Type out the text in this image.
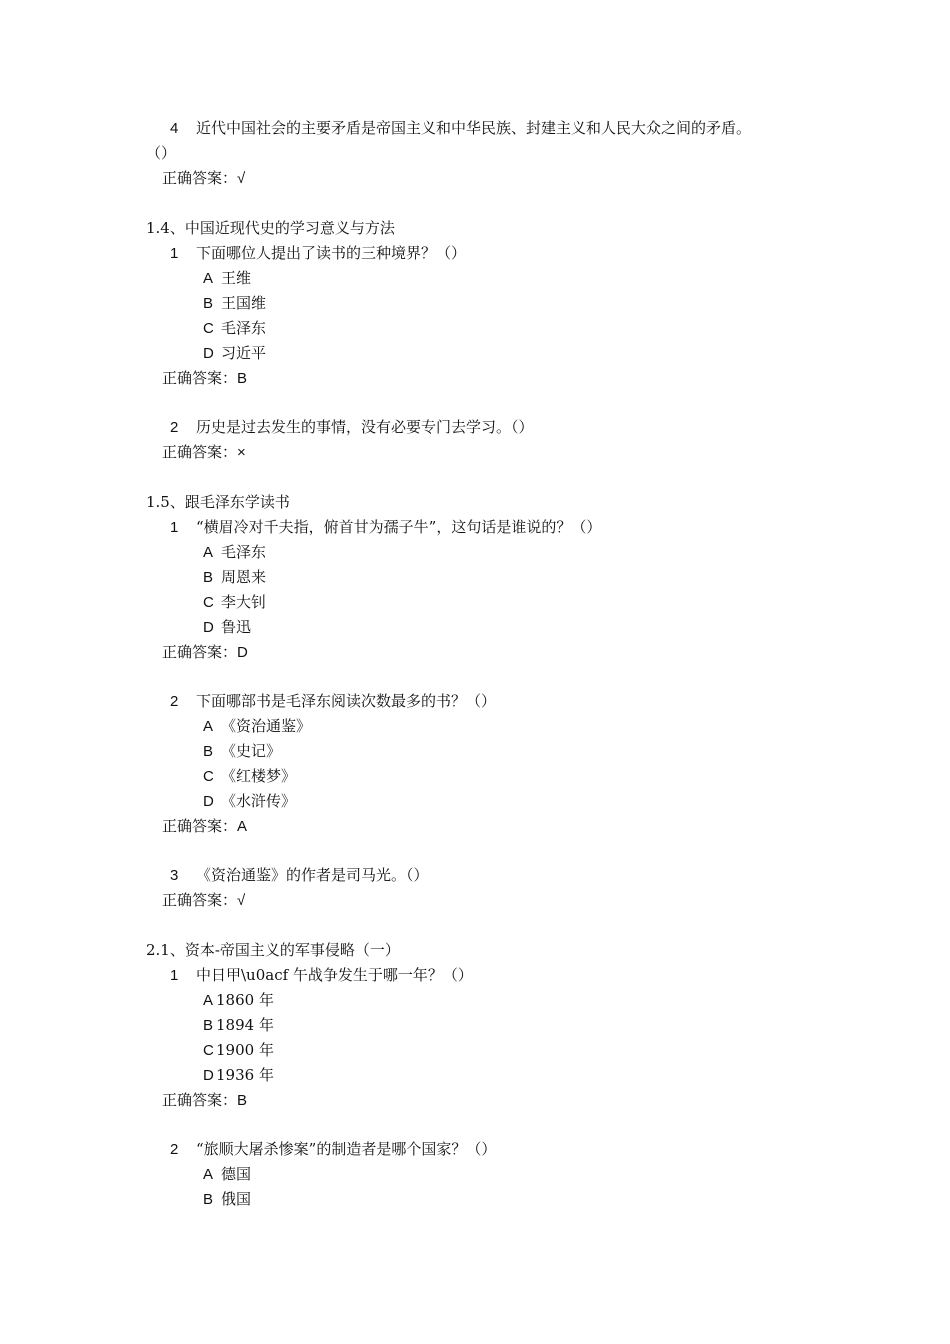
4 近代中国社会的主要矛盾是帝国主义和中华民族、封建主义和人民大众之间的矛盾。
（）
正确答案：√
1.4、中国近现代史的学习意义与方法
1 下面哪位人提出了读书的三种境界？（）
A 王维
B 王国维
C 毛泽东
D 习近平
正确答案：B
2 历史是过去发生的事情，没有必要专门去学习。（）
正确答案：×
1.5、跟毛泽东学读书
1 “横眉冷对千夫指，俯首甘为孺子牛”，这句话是谁说的？（）
A 毛泽东
B 周恩来
C 李大钊
D 鲁迅
正确答案：D
2 下面哪部书是毛泽东阅读次数最多的书？（）
A 《资治通鉴》
B 《史记》
C 《红楼梦》
D 《水浒传》
正确答案：A
3 《资治通鉴》的作者是司马光。（）
正确答案：√
2.1、资本-帝国主义的军事侵略（一）
1 中日甲\u0acf 午战争发生于哪一年？（）
A 1860 年
B 1894 年
C 1900 年
D 1936 年
正确答案：B
2 “旅顺大屠杀惨案”的制造者是哪个国家？（）
A 德国
B 俄国
